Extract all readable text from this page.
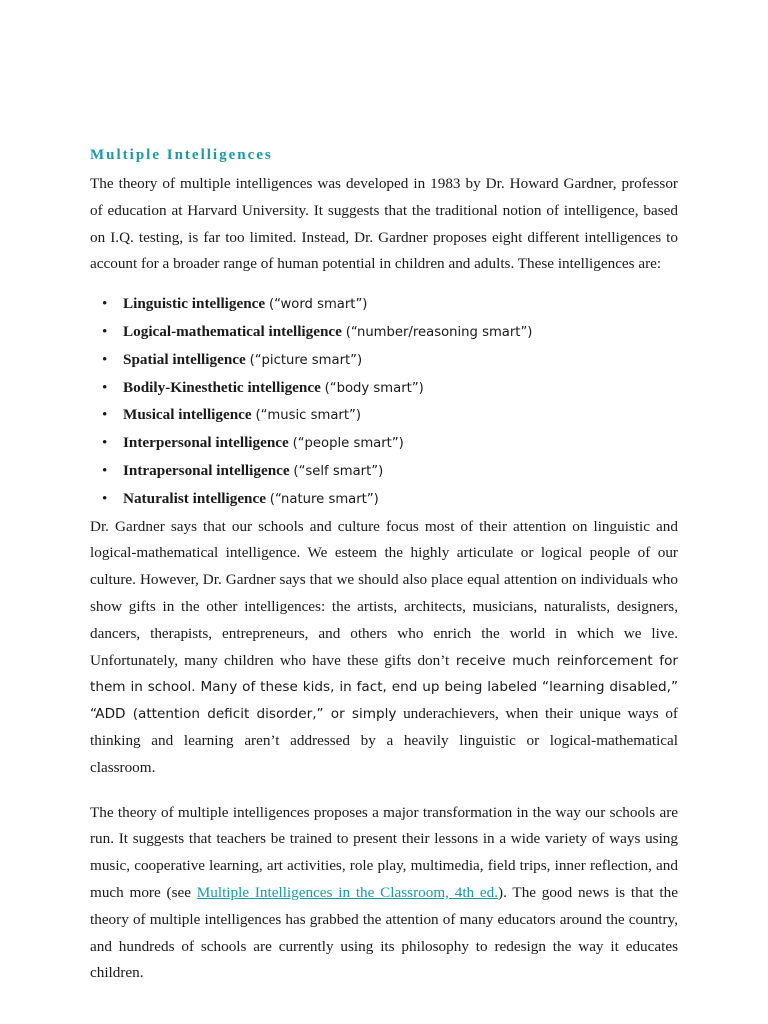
Multiple Intelligences

The theory of multiple intelligences was developed in 1983 by Dr. Howard Gardner, professor of education at Harvard University. It suggests that the traditional notion of intelligence, based on I.Q. testing, is far too limited. Instead, Dr. Gardner proposes eight different intelligences to account for a broader range of human potential in children and adults. These intelligences are:

• Linguistic intelligence (“word smart”)
• Logical-mathematical intelligence (“number/reasoning smart”)
• Spatial intelligence (“picture smart”)
• Bodily-Kinesthetic intelligence (“body smart”)
• Musical intelligence (“music smart”)
• Interpersonal intelligence (“people smart”)
• Intrapersonal intelligence (“self smart”)
• Naturalist intelligence (“nature smart”)

Dr. Gardner says that our schools and culture focus most of their attention on linguistic and logical-mathematical intelligence. We esteem the highly articulate or logical people of our culture. However, Dr. Gardner says that we should also place equal attention on individuals who show gifts in the other intelligences: the artists, architects, musicians, naturalists, designers, dancers, therapists, entrepreneurs, and others who enrich the world in which we live. Unfortunately, many children who have these gifts don’t receive much reinforcement for them in school. Many of these kids, in fact, end up being labeled “learning disabled,” “ADD (attention deficit disorder,” or simply underachievers, when their unique ways of thinking and learning aren’t addressed by a heavily linguistic or logical-mathematical classroom.

The theory of multiple intelligences proposes a major transformation in the way our schools are run. It suggests that teachers be trained to present their lessons in a wide variety of ways using music, cooperative learning, art activities, role play, multimedia, field trips, inner reflection, and much more (see Multiple Intelligences in the Classroom, 4th ed.). The good news is that the theory of multiple intelligences has grabbed the attention of many educators around the country, and hundreds of schools are currently using its philosophy to redesign the way it educates children.
